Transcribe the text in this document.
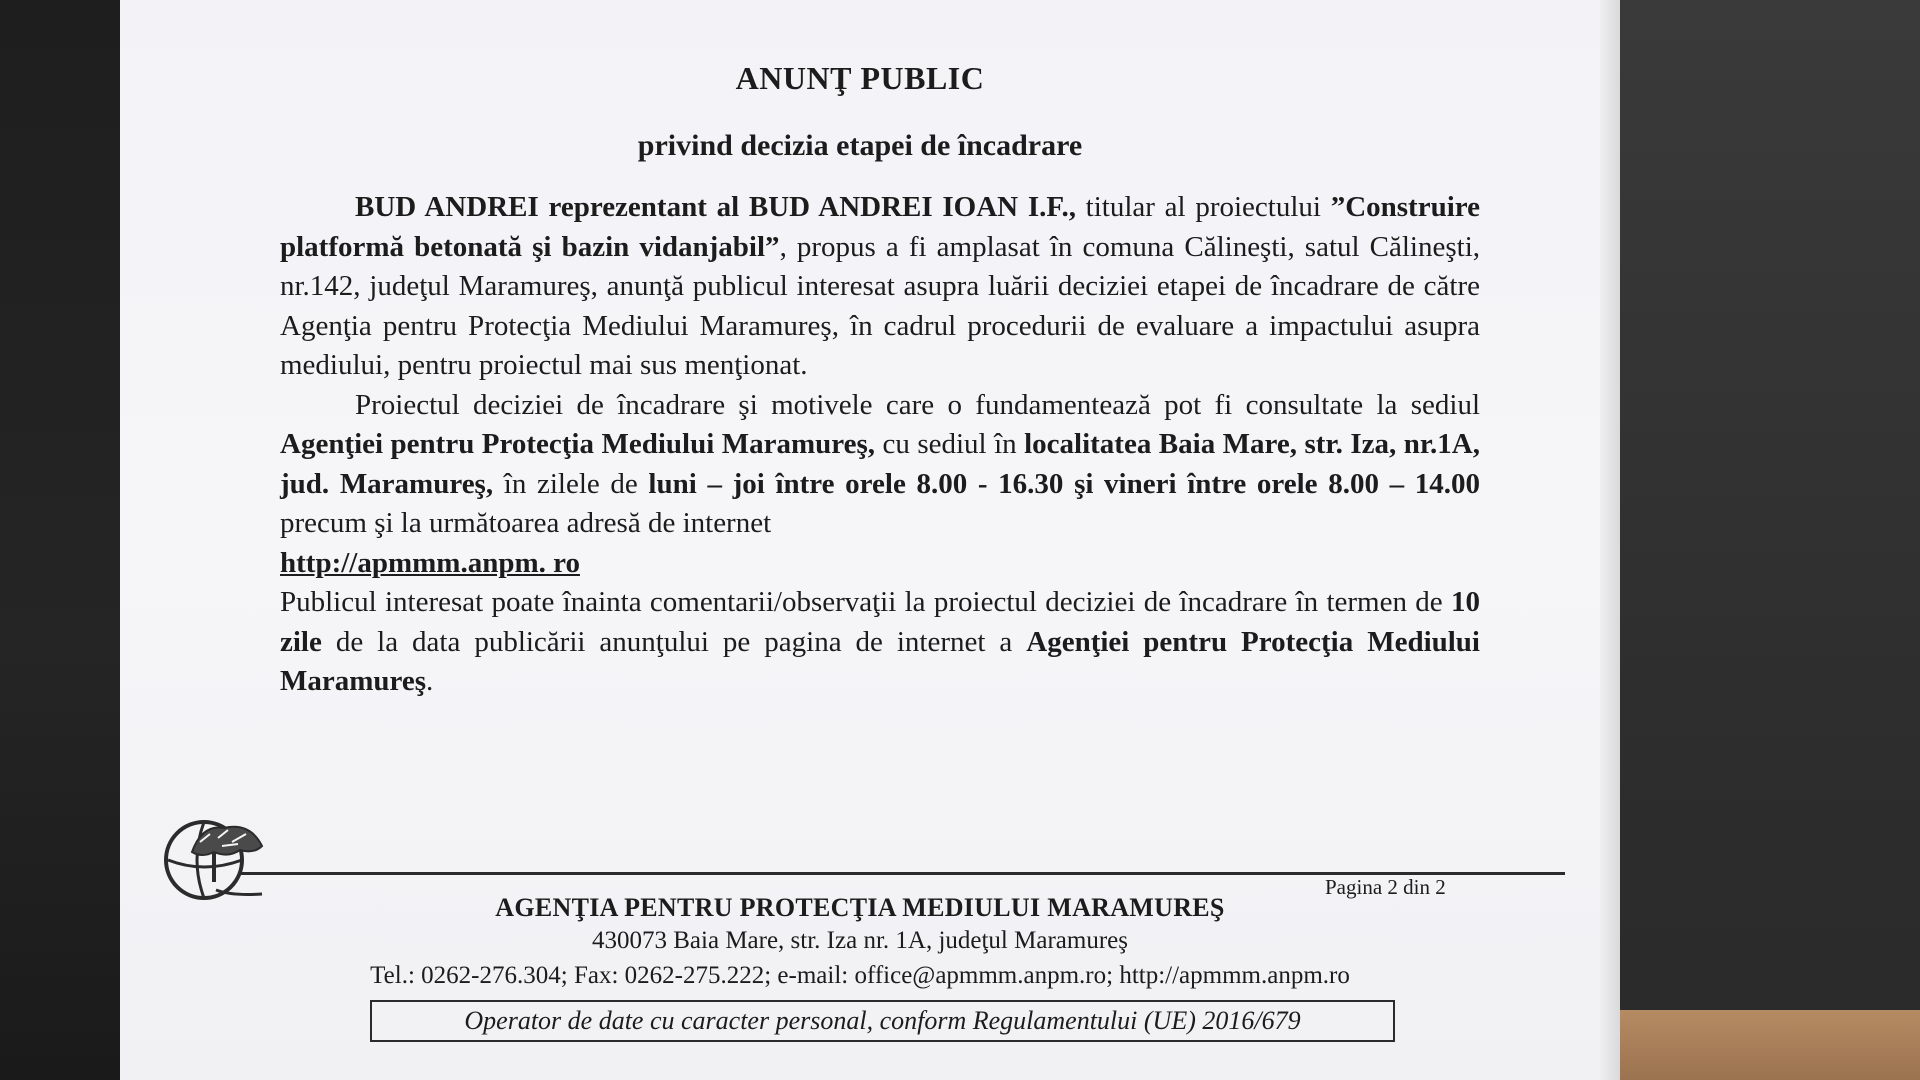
ANUNŢ PUBLIC
privind decizia etapei de încadrare

BUD ANDREI reprezentant al BUD ANDREI IOAN I.F., titular al proiectului ”Construire platformă betonată şi bazin vidanjabil”, propus a fi amplasat în comuna Călineşti, satul Călineşti, nr.142, judeţul Maramureş, anunţă publicul interesat asupra luării deciziei etapei de încadrare de către Agenţia pentru Protecţia Mediului Maramureş, în cadrul procedurii de evaluare a impactului asupra mediului, pentru proiectul mai sus menţionat.

Proiectul deciziei de încadrare şi motivele care o fundamentează pot fi consultate la sediul Agenţiei pentru Protecţia Mediului Maramureş, cu sediul în localitatea Baia Mare, str. Iza, nr.1A, jud. Maramureş, în zilele de luni – joi între orele 8.00 - 16.30 şi vineri între orele 8.00 – 14.00 precum şi la următoarea adresă de internet

http://apmmm.anpm. ro

Publicul interesat poate înainta comentarii/observaţii la proiectul deciziei de încadrare în termen de 10 zile de la data publicării anunţului pe pagina de internet a Agenţiei pentru Protecţia Mediului Maramureş.

Pagina 2 din 2
AGENŢIA PENTRU PROTECŢIA MEDIULUI MARAMUREŞ
430073 Baia Mare, str. Iza nr. 1A, judeţul Maramureş
Tel.: 0262-276.304; Fax: 0262-275.222; e-mail: office@apmmm.anpm.ro; http://apmmm.anpm.ro
Operator de date cu caracter personal, conform Regulamentului (UE) 2016/679
